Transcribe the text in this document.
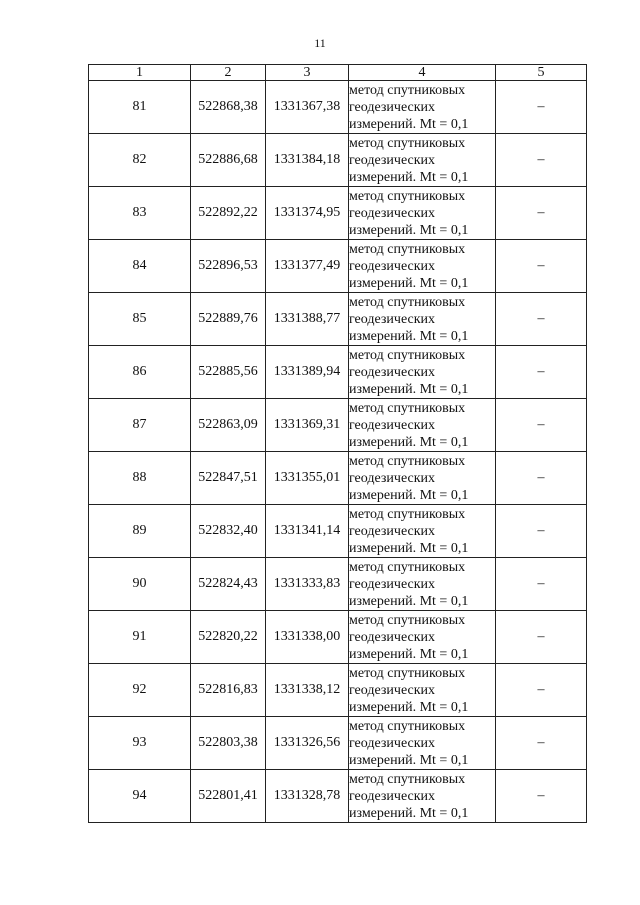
11
1	2	3	4	5
81	522868,38	1331367,38	метод спутниковых
геодезических
измерений. Mt = 0,1	–
82	522886,68	1331384,18	метод спутниковых
геодезических
измерений. Mt = 0,1	–
83	522892,22	1331374,95	метод спутниковых
геодезических
измерений. Mt = 0,1	–
84	522896,53	1331377,49	метод спутниковых
геодезических
измерений. Mt = 0,1	–
85	522889,76	1331388,77	метод спутниковых
геодезических
измерений. Mt = 0,1	–
86	522885,56	1331389,94	метод спутниковых
геодезических
измерений. Mt = 0,1	–
87	522863,09	1331369,31	метод спутниковых
геодезических
измерений. Mt = 0,1	–
88	522847,51	1331355,01	метод спутниковых
геодезических
измерений. Mt = 0,1	–
89	522832,40	1331341,14	метод спутниковых
геодезических
измерений. Mt = 0,1	–
90	522824,43	1331333,83	метод спутниковых
геодезических
измерений. Mt = 0,1	–
91	522820,22	1331338,00	метод спутниковых
геодезических
измерений. Mt = 0,1	–
92	522816,83	1331338,12	метод спутниковых
геодезических
измерений. Mt = 0,1	–
93	522803,38	1331326,56	метод спутниковых
геодезических
измерений. Mt = 0,1	–
94	522801,41	1331328,78	метод спутниковых
геодезических
измерений. Mt = 0,1	–
